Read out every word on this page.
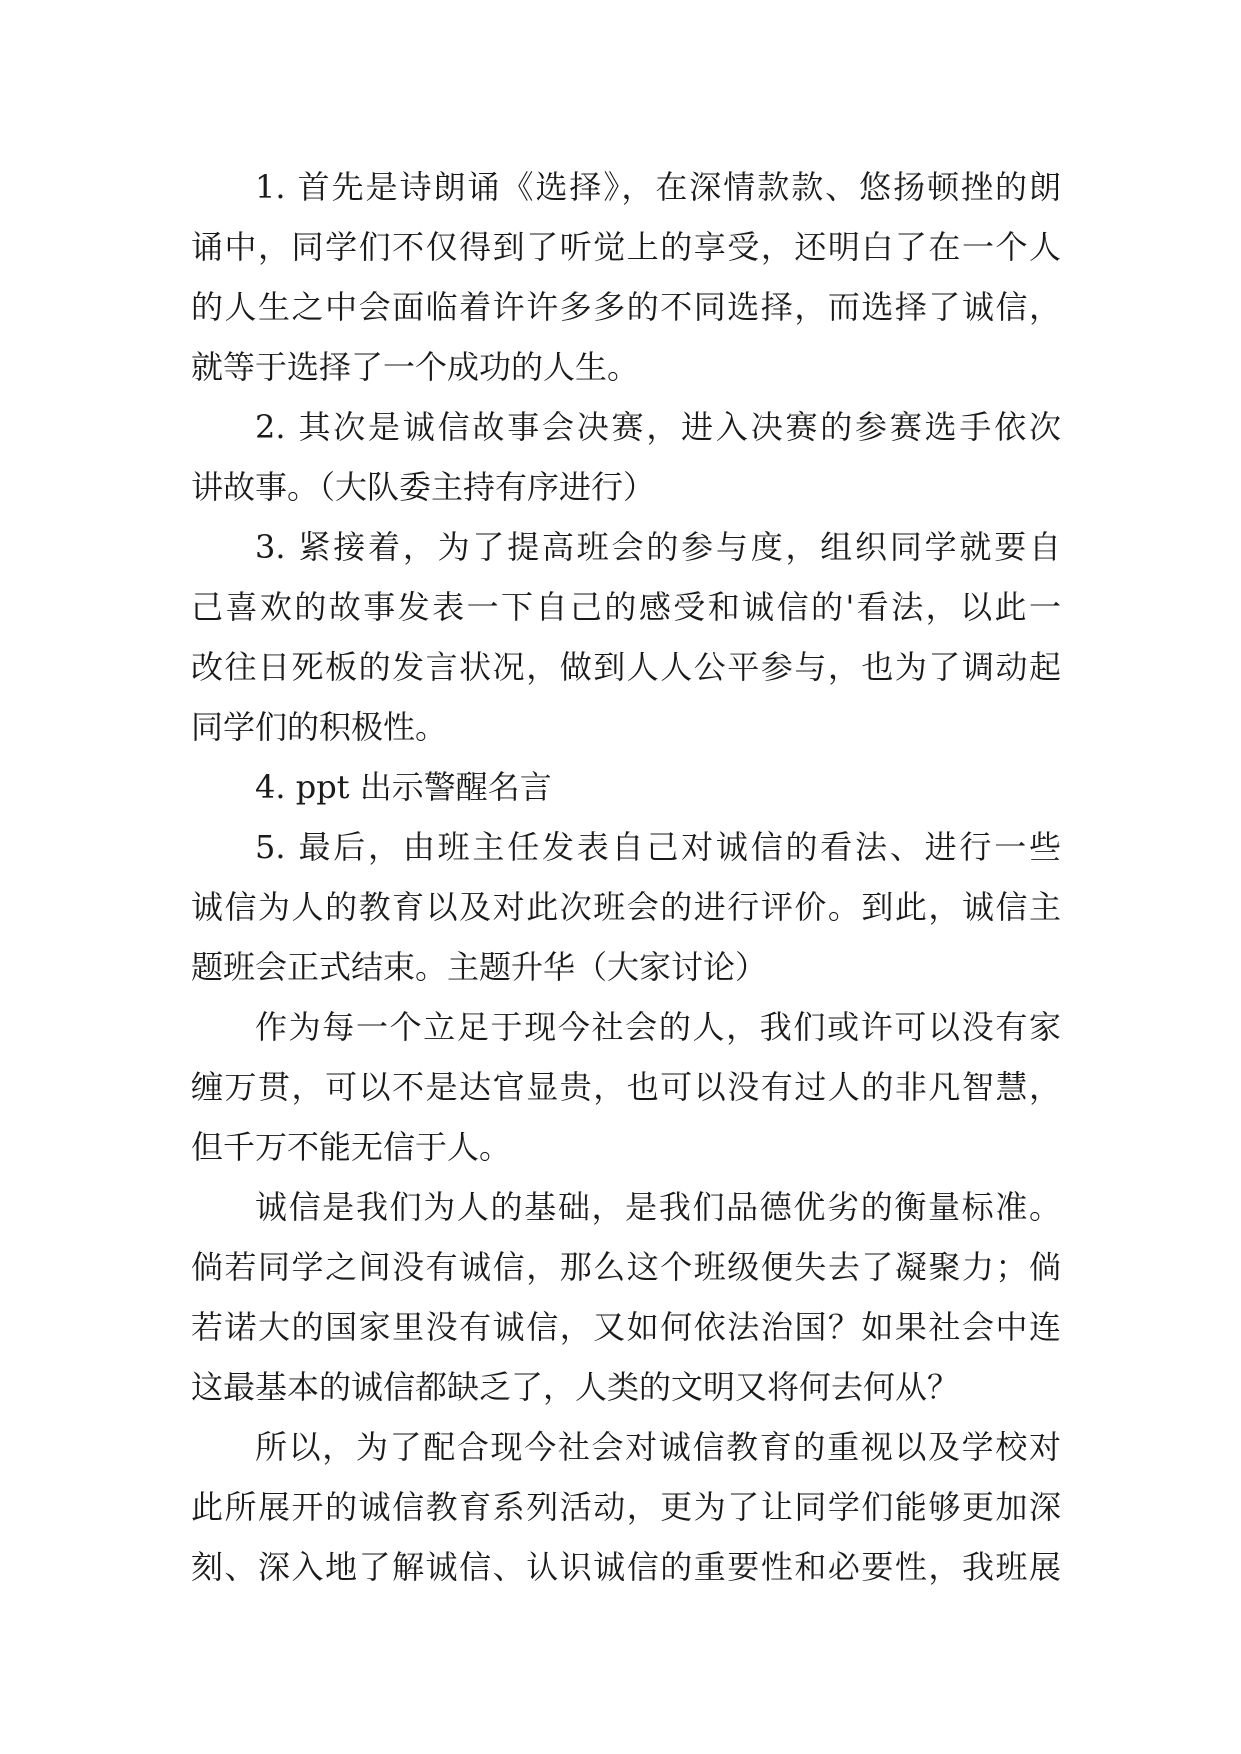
1. 首先是诗朗诵《选择》，在深情款款、悠扬顿挫的朗
诵中，同学们不仅得到了听觉上的享受，还明白了在一个人
的人生之中会面临着许许多多的不同选择，而选择了诚信，
就等于选择了一个成功的人生。
2. 其次是诚信故事会决赛，进入决赛的参赛选手依次
讲故事。（大队委主持有序进行）
3. 紧接着，为了提高班会的参与度，组织同学就要自
己喜欢的故事发表一下自己的感受和诚信的'看法，以此一
改往日死板的发言状况，做到人人公平参与，也为了调动起
同学们的积极性。
4. ppt 出示警醒名言
5. 最后，由班主任发表自己对诚信的看法、进行一些
诚信为人的教育以及对此次班会的进行评价。到此，诚信主
题班会正式结束。主题升华（大家讨论）
作为每一个立足于现今社会的人，我们或许可以没有家
缠万贯，可以不是达官显贵，也可以没有过人的非凡智慧，
但千万不能无信于人。
诚信是我们为人的基础，是我们品德优劣的衡量标准。
倘若同学之间没有诚信，那么这个班级便失去了凝聚力；倘
若诺大的国家里没有诚信，又如何依法治国？如果社会中连
这最基本的诚信都缺乏了，人类的文明又将何去何从？
所以，为了配合现今社会对诚信教育的重视以及学校对
此所展开的诚信教育系列活动，更为了让同学们能够更加深
刻、深入地了解诚信、认识诚信的重要性和必要性，我班展
